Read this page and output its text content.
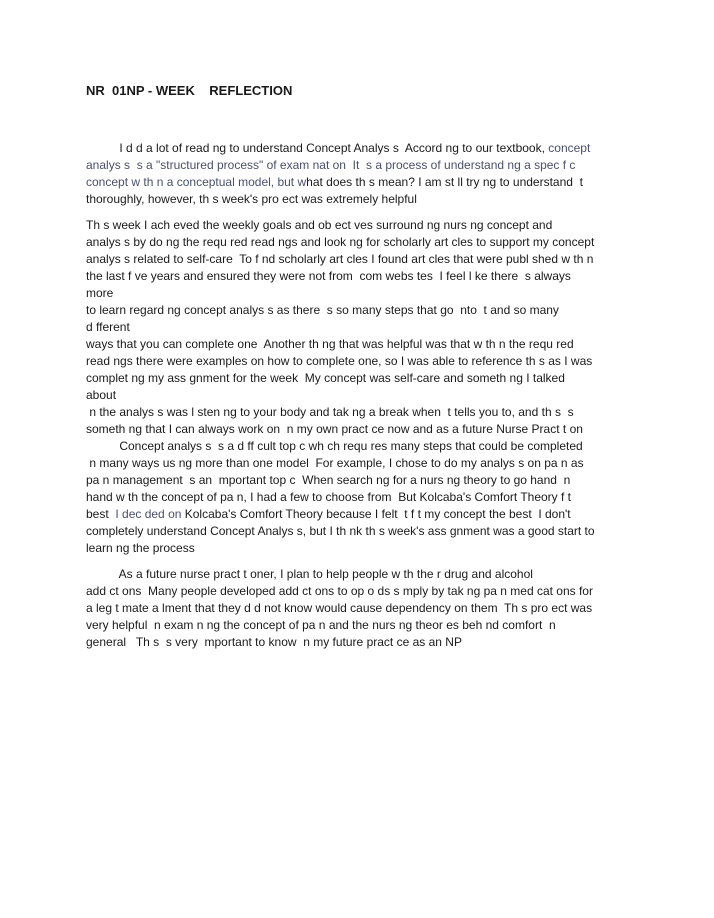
NR  01NP - WEEK    REFLECTION
I d d a lot of read ng to understand Concept Analys s  Accord ng to our textbook, concept
analys s  s a "structured process" of exam nat on  It  s a process of understand ng a spec f c
concept w th n a conceptual model, but what does th s mean? I am st ll try ng to understand  t
thoroughly, however, th s week's pro ect was extremely helpful
Th s week I ach eved the weekly goals and ob ect ves surround ng nurs ng concept and
analys s by do ng the requ red read ngs and look ng for scholarly art cles to support my concept
analys s related to self-care  To f nd scholarly art cles I found art cles that were publ shed w th n
the last f ve years and ensured they were not from  com webs tes  I feel l ke there  s always
more
to learn regard ng concept analys s as there  s so many steps that go  nto  t and so many
d fferent
ways that you can complete one  Another th ng that was helpful was that w th n the requ red
read ngs there were examples on how to complete one, so I was able to reference th s as I was
complet ng my ass gnment for the week  My concept was self-care and someth ng I talked
about
n the analys s was l sten ng to your body and tak ng a break when  t tells you to, and th s  s
someth ng that I can always work on  n my own pract ce now and as a future Nurse Pract t on
Concept analys s  s a d ff cult top c wh ch requ res many steps that could be completed
n many ways us ng more than one model  For example, I chose to do my analys s on pa n as
pa n management  s an  mportant top c  When search ng for a nurs ng theory to go hand  n
hand w th the concept of pa n, I had a few to choose from  But Kolcaba's Comfort Theory f t
best  I dec ded on Kolcaba's Comfort Theory because I felt  t f t my concept the best  I don't
completely understand Concept Analys s, but I th nk th s week's ass gnment was a good start to
learn ng the process
As a future nurse pract t oner, I plan to help people w th the r drug and alcohol
add ct ons  Many people developed add ct ons to op o ds s mply by tak ng pa n med cat ons for
a leg t mate a lment that they d d not know would cause dependency on them  Th s pro ect was
very helpful  n exam n ng the concept of pa n and the nurs ng theor es beh nd comfort  n
general   Th s  s very  mportant to know  n my future pract ce as an NP
